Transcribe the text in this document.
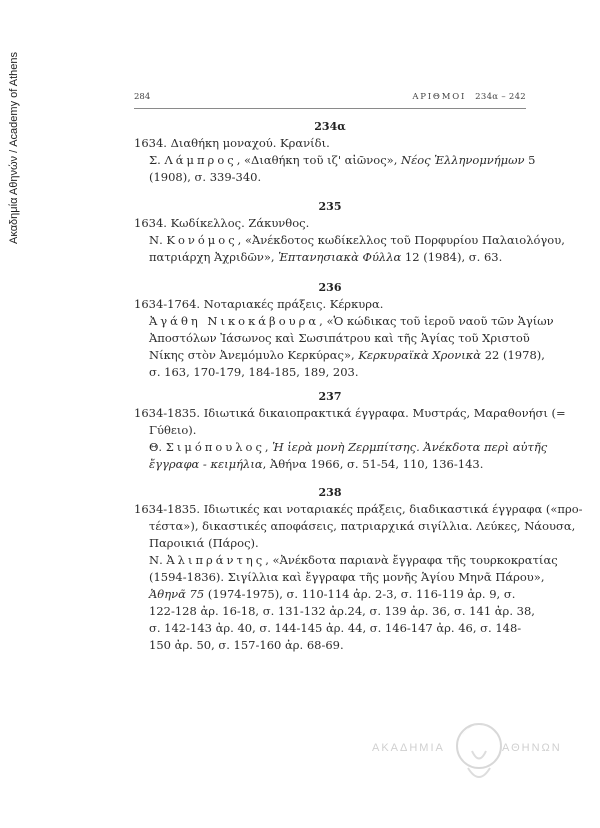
Ακαδημία Αθηνών / Academy of Athens	284	ΑΡΙΘΜΟΙ 234α – 242
234α
1634. Διαθήκη μοναχού. Κρανίδι.
Σ. Λάμπρος, «Διαθήκη τοῦ ιζ' αἰῶνος», Νέος Ἑλληνομνήμων 5
(1908), σ. 339-340.
235
1634. Κωδίκελλος. Ζάκυνθος.
Ν. Κονόμος, «Ἀνέκδοτος κωδίκελλος τοῦ Πορφυρίου Παλαιολόγου,
πατριάρχη Ἀχριδῶν», Ἑπτανησιακὰ Φύλλα 12 (1984), σ. 63.
236
1634-1764. Νοταριακές πράξεις. Κέρκυρα.
Ἀγάθη Νικοκάβουρα, «Ὁ κώδικας τοῦ ἱεροῦ ναοῦ τῶν Ἁγίων
Ἀποστόλων Ἰάσωνος καὶ Σωσιπάτρου καὶ τῆς Ἁγίας τοῦ Χριστοῦ
Νίκης στὸν Ἀνεμόμυλο Κερκύρας», Κερκυραϊκὰ Χρονικὰ 22 (1978),
σ. 163, 170-179, 184-185, 189, 203.
237
1634-1835. Ιδιωτικά δικαιοπρακτικά έγγραφα. Μυστράς, Μαραθονήσι (=
Γύθειο).
Θ. Σιμόπουλος, Ἡ ἱερὰ μονὴ Ζερμπίτσης. Ἀνέκδοτα περὶ αὐτῆς
ἔγγραφα - κειμήλια, Ἀθήνα 1966, σ. 51-54, 110, 136-143.
238
1634-1835. Ιδιωτικές και νοταριακές πράξεις, διαδικαστικά έγγραφα («προ-
τέστα»), δικαστικές αποφάσεις, πατριαρχικά σιγίλλια. Λεύκες, Νάουσα,
Παροικιά (Πάρος).
Ν. Ἀλιπράντης, «Ἀνέκδοτα παριανὰ ἔγγραφα τῆς τουρκοκρατίας
(1594-1836). Σιγίλλια καὶ ἔγγραφα τῆς μονῆς Ἁγίου Μηνᾶ Πάρου»,
Ἀθηνᾶ 75 (1974-1975), σ. 110-114 ἀρ. 2-3, σ. 116-119 ἀρ. 9, σ.
122-128 ἀρ. 16-18, σ. 131-132 ἀρ.24, σ. 139 ἀρ. 36, σ. 141 ἀρ. 38,
σ. 142-143 ἀρ. 40, σ. 144-145 ἀρ. 44, σ. 146-147 ἀρ. 46, σ. 148-
150 ἀρ. 50, σ. 157-160 ἀρ. 68-69.
ΑΚΑΔΗΜΙΑ	ΑΘΗΝΩΝ
